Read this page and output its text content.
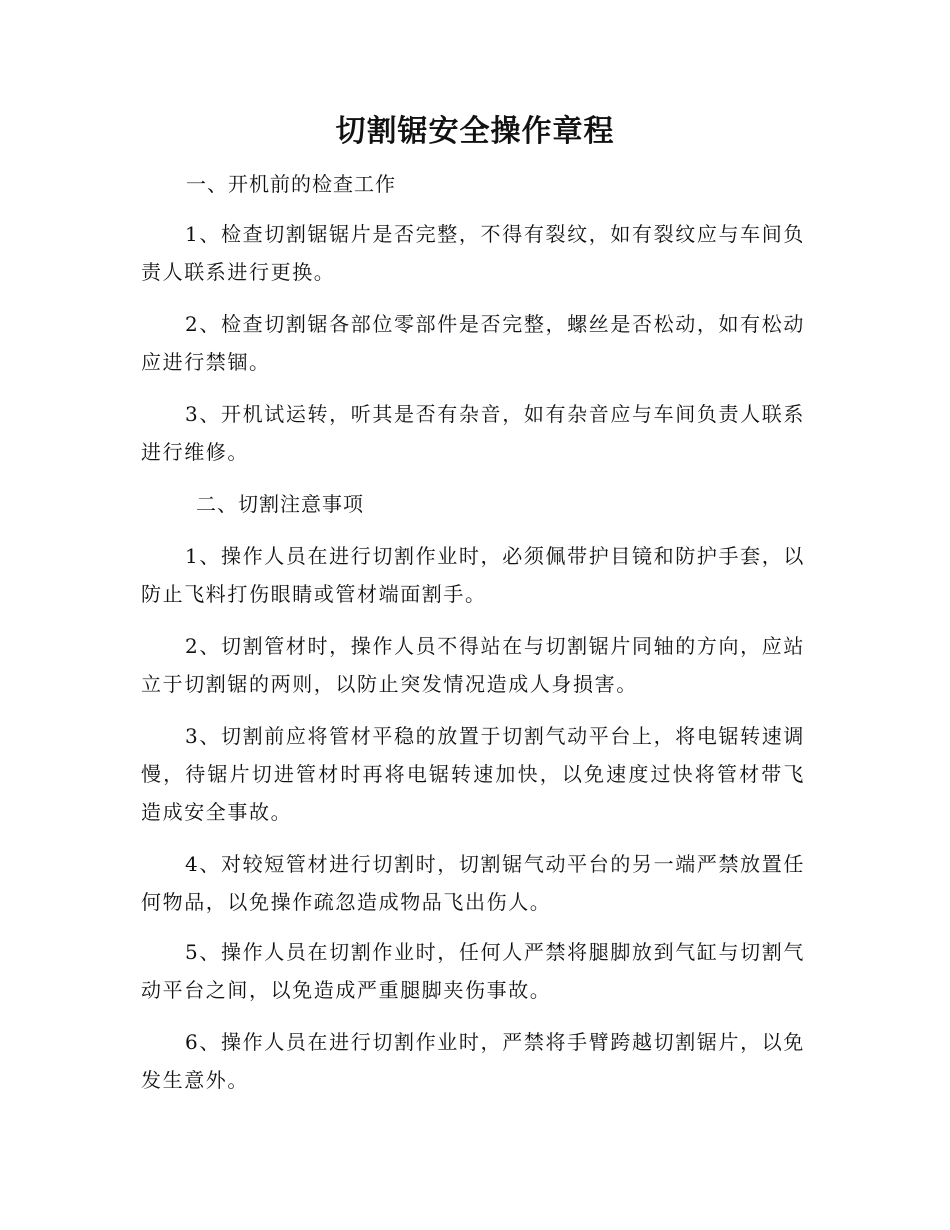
切割锯安全操作章程
一、开机前的检查工作

1、检查切割锯锯片是否完整，不得有裂纹，如有裂纹应与车间负责人联系进行更换。

2、检查切割锯各部位零部件是否完整，螺丝是否松动，如有松动应进行禁锢。

3、开机试运转，听其是否有杂音，如有杂音应与车间负责人联系进行维修。

二、切割注意事项

1、操作人员在进行切割作业时，必须佩带护目镜和防护手套，以防止飞料打伤眼睛或管材端面割手。

2、切割管材时，操作人员不得站在与切割锯片同轴的方向，应站立于切割锯的两则，以防止突发情况造成人身损害。

3、切割前应将管材平稳的放置于切割气动平台上，将电锯转速调慢，待锯片切进管材时再将电锯转速加快，以免速度过快将管材带飞造成安全事故。

4、对较短管材进行切割时，切割锯气动平台的另一端严禁放置任何物品，以免操作疏忽造成物品飞出伤人。

5、操作人员在切割作业时，任何人严禁将腿脚放到气缸与切割气动平台之间，以免造成严重腿脚夹伤事故。

6、操作人员在进行切割作业时，严禁将手臂跨越切割锯片，以免发生意外。
